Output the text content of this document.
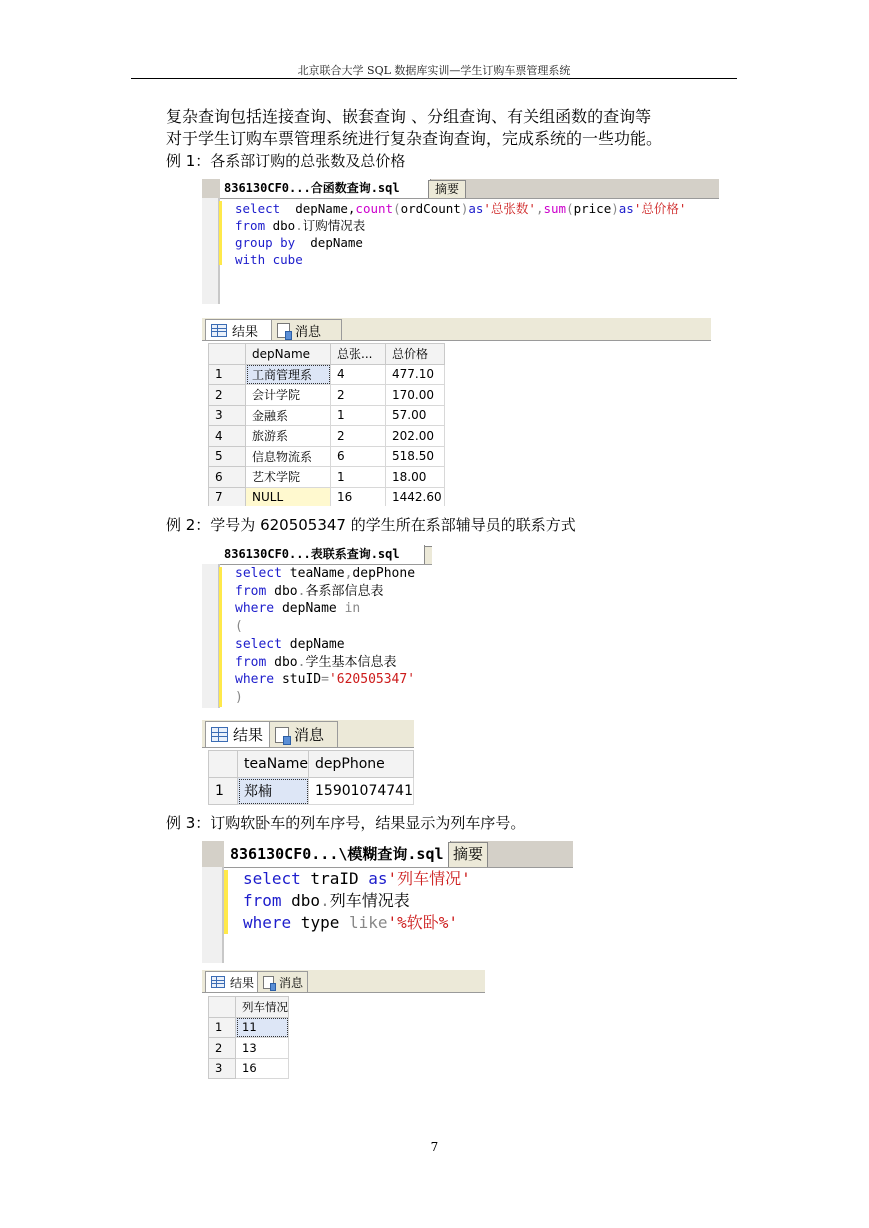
北京联合大学 SQL 数据库实训—学生订购车票管理系统
复杂查询包括连接查询、嵌套查询 、分组查询、有关组函数的查询等
对于学生订购车票管理系统进行复杂查询查询，完成系统的一些功能。
例 1：各系部订购的总张数及总价格
836130CF0...合函数查询.sql	摘要
select  depName,count(ordCount)as'总张数',sum(price)as'总价格'
from dbo.订购情况表
group by  depName
with cube
结果	消息
	depName	总张...	总价格
1	工商管理系	4	477.10
2	会计学院	2	170.00
3	金融系	1	57.00
4	旅游系	2	202.00
5	信息物流系	6	518.50
6	艺术学院	1	18.00
7	NULL	16	1442.60
例 2：学号为 620505347 的学生所在系部辅导员的联系方式
836130CF0...表联系查询.sql
select teaName,depPhone
from dbo.各系部信息表
where depName in
(
select depName
from dbo.学生基本信息表
where stuID='620505347'
)
结果 消息
	teaName	depPhone
1	郑楠	15901074741
例 3：订购软卧车的列车序号，结果显示为列车序号。
836130CF0...\模糊查询.sql 摘要
select traID as'列车情况'
from dbo.列车情况表
where type like'%软卧%'
结果 消息
	列车情况
1	11
2	13
3	16
7
